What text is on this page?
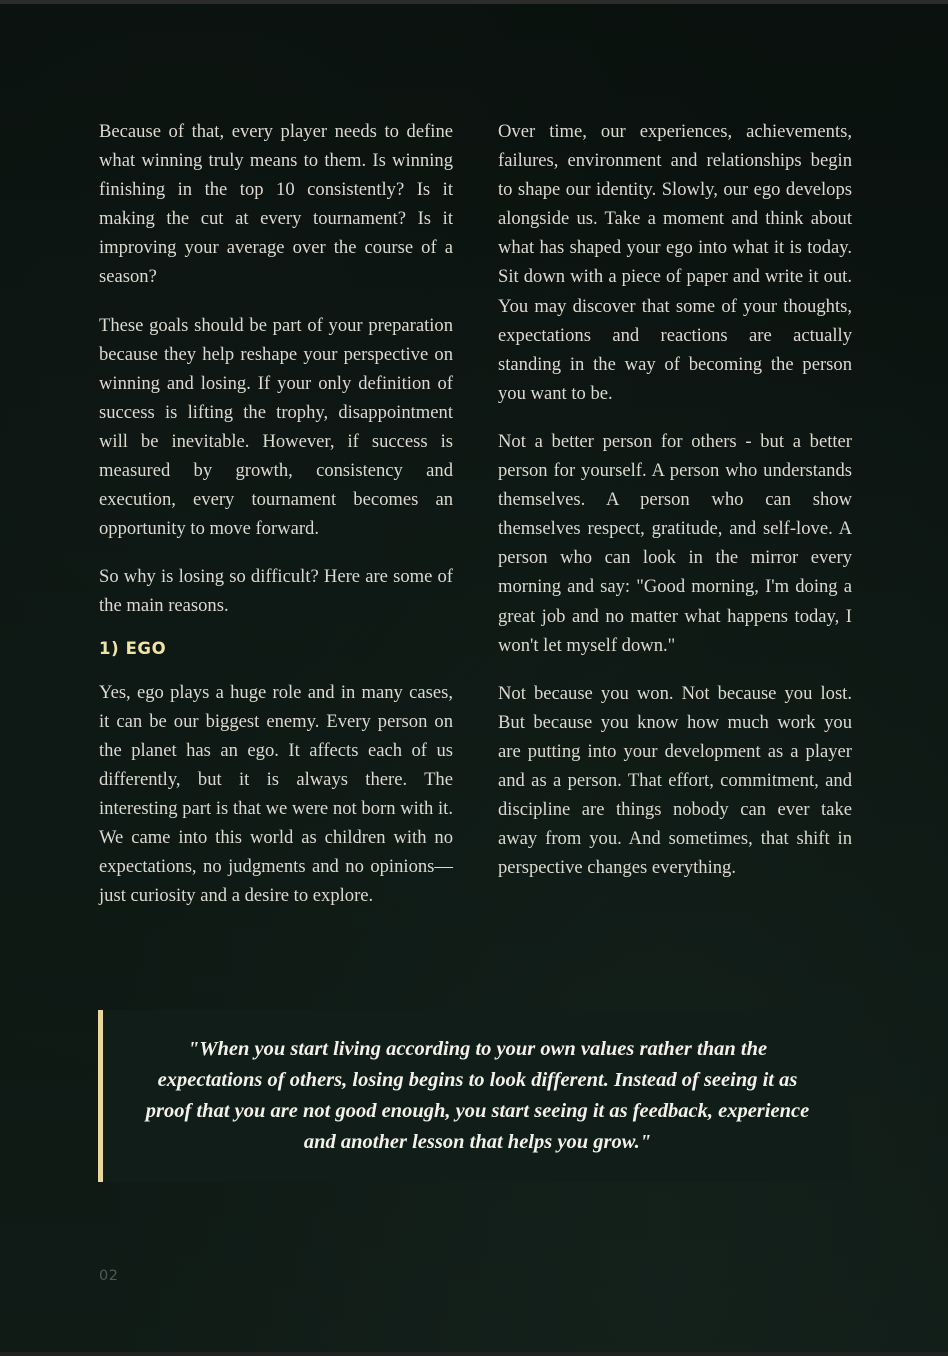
Because of that, every player needs to define what winning truly means to them. Is winning finishing in the top 10 consistently? Is it making the cut at every tournament? Is it improving your average over the course of a season?

These goals should be part of your preparation because they help reshape your perspective on winning and losing. If your only definition of success is lifting the trophy, disappointment will be inevitable. However, if success is measured by growth, consistency and execution, every tournament becomes an opportunity to move forward.

So why is losing so difficult? Here are some of the main reasons.

1) EGO

Yes, ego plays a huge role and in many cases, it can be our biggest enemy. Every person on the planet has an ego. It affects each of us differently, but it is always there. The interesting part is that we were not born with it. We came into this world as children with no expectations, no judgments and no opinions—just curiosity and a desire to explore.

Over time, our experiences, achievements, failures, environment and relationships begin to shape our identity. Slowly, our ego develops alongside us. Take a moment and think about what has shaped your ego into what it is today. Sit down with a piece of paper and write it out. You may discover that some of your thoughts, expectations and reactions are actually standing in the way of becoming the person you want to be.

Not a better person for others - but a better person for yourself. A person who understands themselves. A person who can show themselves respect, gratitude, and self-love. A person who can look in the mirror every morning and say: "Good morning, I'm doing a great job and no matter what happens today, I won't let myself down."

Not because you won. Not because you lost. But because you know how much work you are putting into your development as a player and as a person. That effort, commitment, and discipline are things nobody can ever take away from you. And sometimes, that shift in perspective changes everything.

"When you start living according to your own values rather than the expectations of others, losing begins to look different. Instead of seeing it as proof that you are not good enough, you start seeing it as feedback, experience and another lesson that helps you grow."

02
